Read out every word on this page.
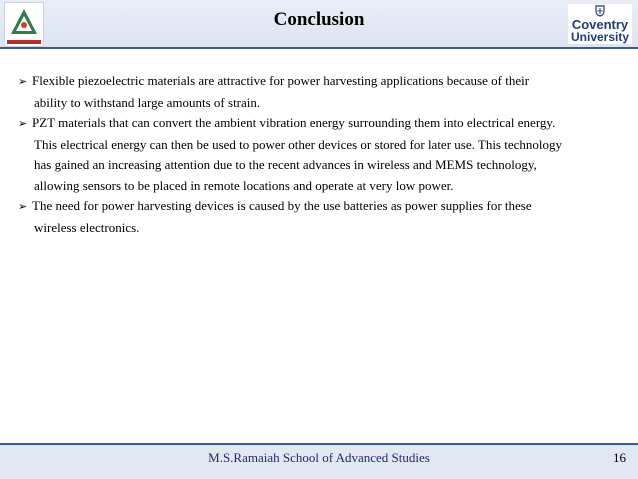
Conclusion	Coventry
University

➢ Flexible piezoelectric materials are attractive for power harvesting applications because of their

ability to withstand large amounts of strain.

➢ PZT materials that can convert the ambient vibration energy surrounding them into electrical energy.

This electrical energy can then be used to power other devices or stored for later use. This technology

has gained an increasing attention due to the recent advances in wireless and MEMS technology,

allowing sensors to be placed in remote locations and operate at very low power.

➢ The need for power harvesting devices is caused by the use batteries as power supplies for these

wireless electronics.

M.S.Ramaiah School of Advanced Studies	16
